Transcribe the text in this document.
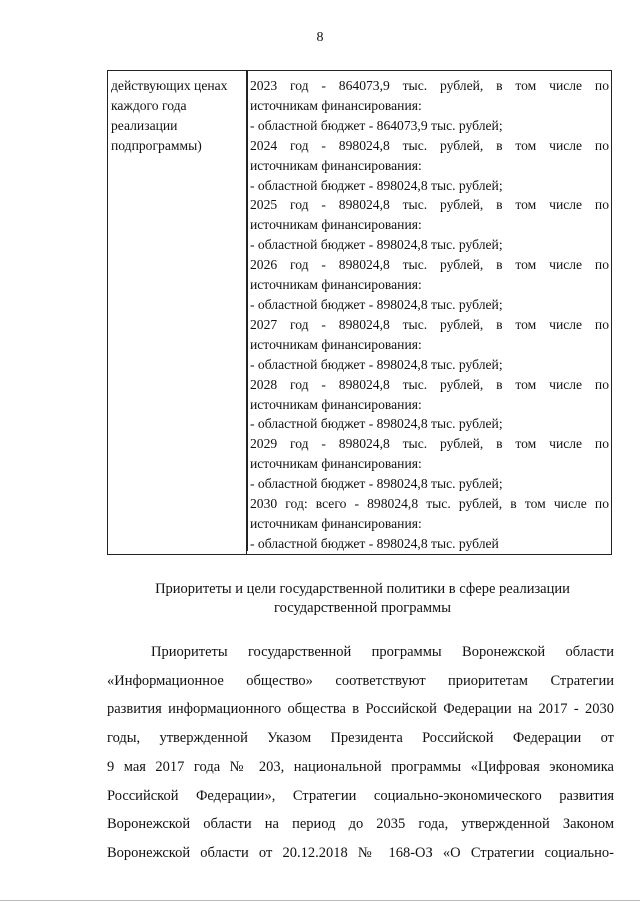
8
действующих ценах
каждого года
реализации
подпрограммы)

2023 год - 864073,9 тыс. рублей, в том числе по
источникам финансирования:
- областной бюджет - 864073,9 тыс. рублей;
2024 год - 898024,8 тыс. рублей, в том числе по
источникам финансирования:
- областной бюджет - 898024,8 тыс. рублей;
2025 год - 898024,8 тыс. рублей, в том числе по
источникам финансирования:
- областной бюджет - 898024,8 тыс. рублей;
2026 год - 898024,8 тыс. рублей, в том числе по
источникам финансирования:
- областной бюджет - 898024,8 тыс. рублей;
2027 год - 898024,8 тыс. рублей, в том числе по
источникам финансирования:
- областной бюджет - 898024,8 тыс. рублей;
2028 год - 898024,8 тыс. рублей, в том числе по
источникам финансирования:
- областной бюджет - 898024,8 тыс. рублей;
2029 год - 898024,8 тыс. рублей, в том числе по
источникам финансирования:
- областной бюджет - 898024,8 тыс. рублей;
2030 год: всего - 898024,8 тыс. рублей, в том числе по
источникам финансирования:
- областной бюджет - 898024,8 тыс. рублей
Приоритеты и цели государственной политики в сфере реализации
государственной программы
Приоритеты государственной программы Воронежской области
«Информационное общество» соответствуют приоритетам Стратегии
развития информационного общества в Российской Федерации на 2017 - 2030
годы, утвержденной Указом Президента Российской Федерации от
9 мая 2017 года № 203, национальной программы «Цифровая экономика
Российской Федерации», Стратегии социально-экономического развития
Воронежской области на период до 2035 года, утвержденной Законом
Воронежской области от 20.12.2018 № 168-ОЗ «О Стратегии социально-
